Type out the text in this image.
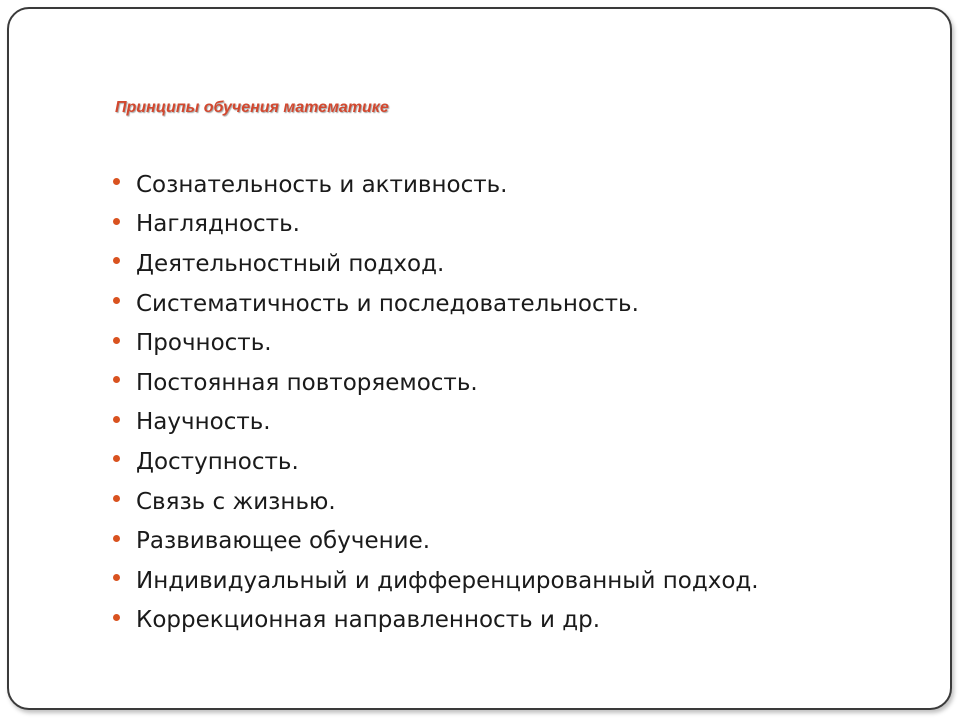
Принципы обучения математике
Сознательность и активность.
Наглядность.
Деятельностный подход.
Систематичность и последовательность.
Прочность.
Постоянная повторяемость.
Научность.
Доступность.
Связь с жизнью.
Развивающее обучение.
Индивидуальный и дифференцированный подход.
Коррекционная направленность и др.
